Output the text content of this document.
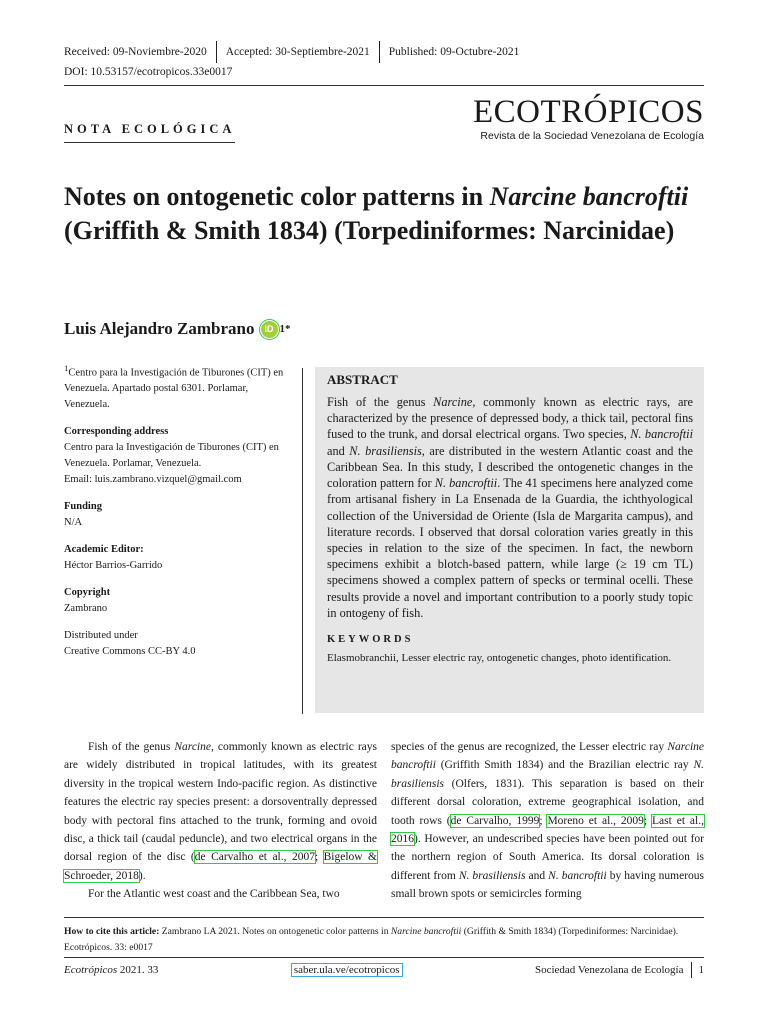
Received: 09-Noviembre-2020 Accepted: 30-Septiembre-2021 Published: 09-Octubre-2021
DOI: 10.53157/ecotropicos.33e0017
ECOTRÓPICOS
Revista de la Sociedad Venezolana de Ecología
NOTA ECOLÓGICA
Notes on ontogenetic color patterns in Narcine bancroftii (Griffith & Smith 1834) (Torpediniformes: Narcinidae)
Luis Alejandro Zambrano	iD 1*
$^1$Centro para la Investigación de Tiburones (CIT) en Venezuela. Apartado postal 6301. Porlamar, Venezuela.
Corresponding address
Centro para la Investigación de Tiburones (CIT) en Venezuela. Porlamar, Venezuela.
Email: luis.zambrano.vizquel@gmail.com
Funding
N/A
Academic Editor:
Héctor Barrios-Garrido
Copyright
Zambrano
Distributed under
Creative Commons CC-BY 4.0
ABSTRACT

Fish of the genus Narcine, commonly known as electric rays, are characterized by the presence of depressed body, a thick tail, pectoral fins fused to the trunk, and dorsal electrical organs. Two species, N. bancroftii and N. brasiliensis, are distributed in the western Atlantic coast and the Caribbean Sea. In this study, I described the ontogenetic changes in the coloration pattern for N. bancroftii. The 41 specimens here analyzed come from artisanal fishery in La Ensenada de la Guardia, the ichthyological collection of the Universidad de Oriente (Isla de Margarita campus), and literature records. I observed that dorsal coloration varies greatly in this species in relation to the size of the specimen. In fact, the newborn specimens exhibit a blotch-based pattern, while large (≥ 19 cm TL) specimens showed a complex pattern of specks or terminal ocelli. These results provide a novel and important contribution to a poorly study topic in ontogeny of fish.

KEYWORDS
Elasmobranchii, Lesser electric ray, ontogenetic changes, photo identification.

Fish of the genus Narcine, commonly known as electric rays are widely distributed in tropical latitudes, with its greatest diversity in the tropical western Indo-pacific region. As distinctive features the electric ray species present: a dorsoventrally depressed body with pectoral fins attached to the trunk, forming and ovoid disc, a thick tail (caudal peduncle), and two electrical organs in the dorsal region of the disc (de Carvalho et al., 2007; Bigelow & Schroeder, 2018).

For the Atlantic west coast and the Caribbean Sea, two

species of the genus are recognized, the Lesser electric ray Narcine bancroftii (Griffith Smith 1834) and the Brazilian electric ray N. brasiliensis (Olfers, 1831). This separation is based on their different dorsal coloration, extreme geographical isolation, and tooth rows (de Carvalho, 1999; Moreno et al., 2009; Last et al., 2016). However, an undescribed species have been pointed out for the northern region of South America. Its dorsal coloration is different from N. brasiliensis and N. bancroftii by having numerous small brown spots or semicircles forming

How to cite this article: Zambrano LA 2021. Notes on ontogenetic color patterns in Narcine bancroftii (Griffith & Smith 1834) (Torpediniformes: Narcinidae). Ecotrópicos. 33: e0017
Ecotrópicos 2021. 33	saber.ula.ve/ecotropicos	Sociedad Venezolana de Ecología 1
